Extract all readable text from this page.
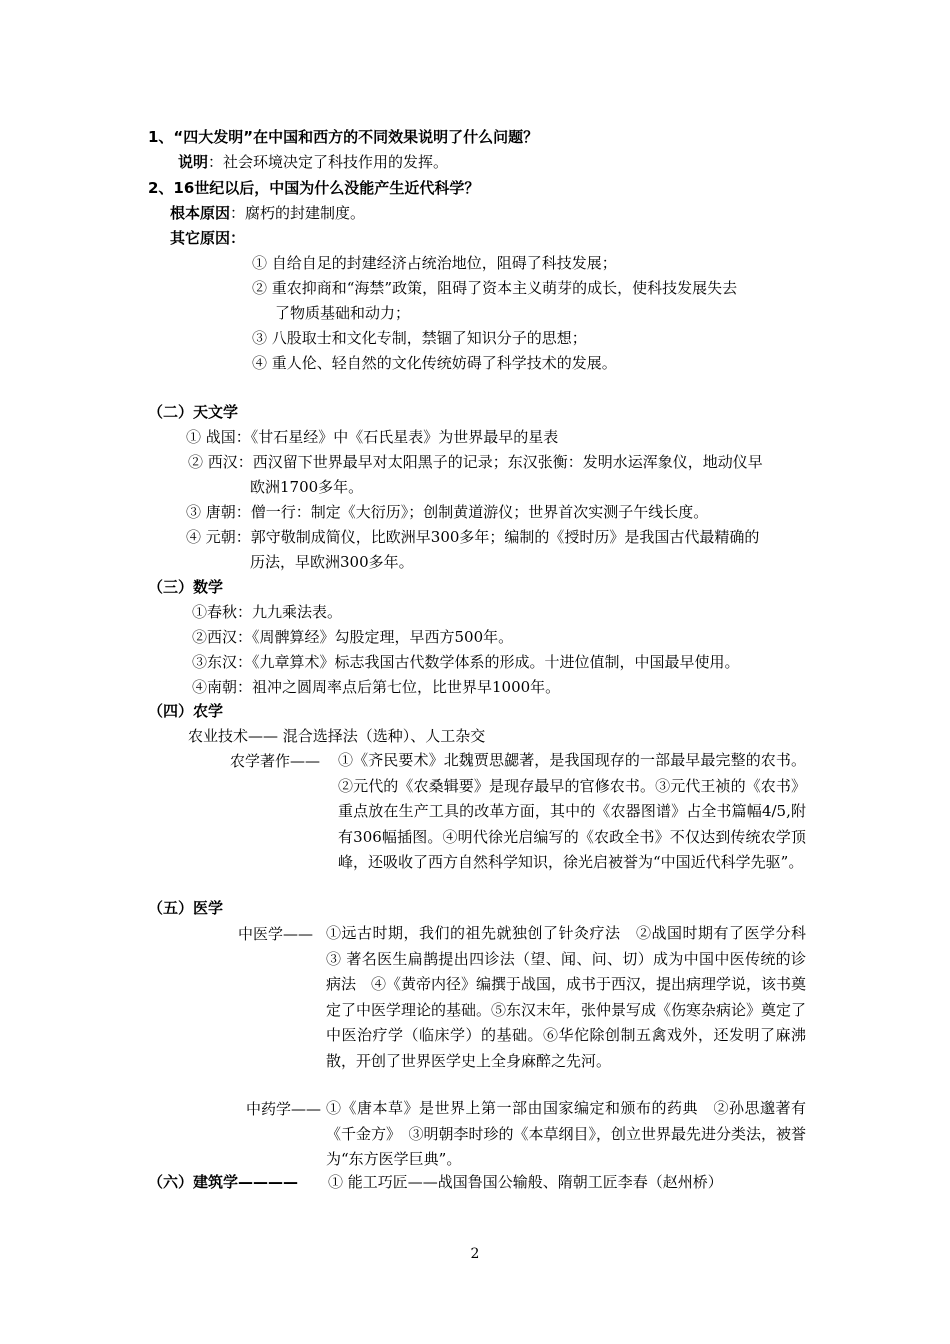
1、“四大发明”在中国和西方的不同效果说明了什么问题？
说明：社会环境决定了科技作用的发挥。
2、16世纪以后，中国为什么没能产生近代科学？
根本原因：腐朽的封建制度。
其它原因：
① 自给自足的封建经济占统治地位，阻碍了科技发展；
② 重农抑商和“海禁”政策，阻碍了资本主义萌芽的成长，使科技发展失去
了物质基础和动力；
③ 八股取士和文化专制，禁锢了知识分子的思想；
④ 重人伦、轻自然的文化传统妨碍了科学技术的发展。
（二）天文学
① 战国：《甘石星经》中《石氏星表》为世界最早的星表
② 西汉：西汉留下世界最早对太阳黑子的记录；东汉张衡：发明水运浑象仪，地动仪早
欧洲1700多年。
③ 唐朝：僧一行：制定《大衍历》；创制黄道游仪；世界首次实测子午线长度。
④ 元朝：郭守敬制成简仪，比欧洲早300多年；编制的《授时历》是我国古代最精确的
历法，早欧洲300多年。
（三）数学
①春秋：九九乘法表。
②西汉：《周髀算经》勾股定理，早西方500年。
③东汉：《九章算术》标志我国古代数学体系的形成。十进位值制，中国最早使用。
④南朝：祖冲之圆周率点后第七位，比世界早1000年。
（四）农学
农业技术—— 混合选择法（选种）、人工杂交
农学著作—— ①《齐民要术》北魏贾思勰著，是我国现存的一部最早最完整的农书。②元代的《农桑辑要》是现存最早的官修农书。③元代王祯的《农书》重点放在生产工具的改革方面，其中的《农器图谱》占全书篇幅4/5,附有306幅插图。④明代徐光启编写的《农政全书》不仅达到传统农学顶峰，还吸收了西方自然科学知识，徐光启被誉为“中国近代科学先驱”。
（五）医学
中医学—— ①远古时期，我们的祖先就独创了针灸疗法　②战国时期有了医学分科　③ 著名医生扁鹊提出四诊法（望、闻、问、切）成为中国中医传统的诊病法　④《黄帝内径》编撰于战国，成书于西汉，提出病理学说，该书奠定了中医学理论的基础。⑤东汉末年，张仲景写成《伤寒杂病论》奠定了中医治疗学（临床学）的基础。⑥华佗除创制五禽戏外，还发明了麻沸散，开创了世界医学史上全身麻醉之先河。
中药学—— ①《唐本草》是世界上第一部由国家编定和颁布的药典　②孙思邈著有《千金方》　③明朝李时珍的《本草纲目》，创立世界最先进分类法，被誉为“东方医学巨典”。
（六）建筑学———— ① 能工巧匠——战国鲁国公输般、隋朝工匠李春（赵州桥）
2
